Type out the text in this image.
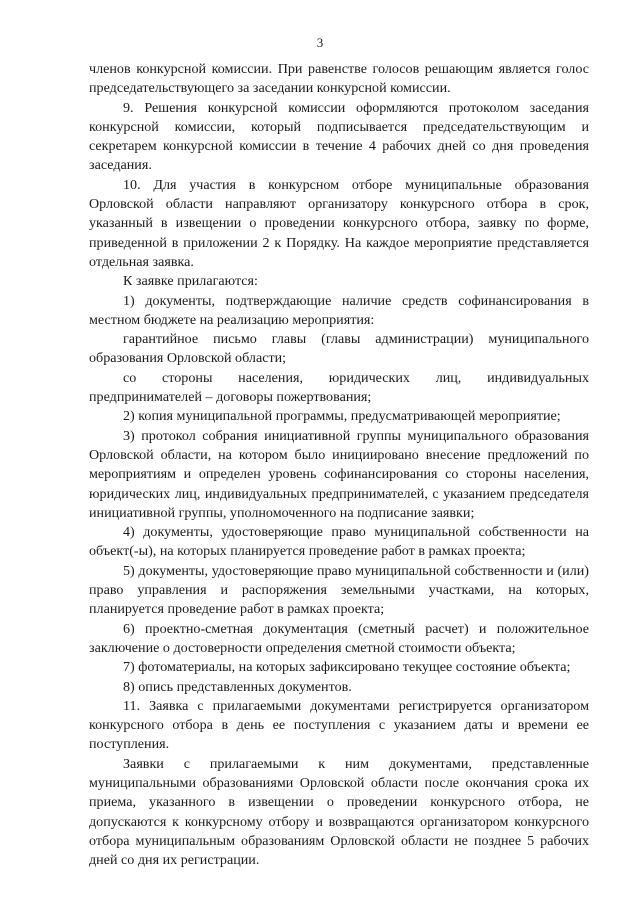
3

членов конкурсной комиссии. При равенстве голосов решающим является голос председательствующего за заседании конкурсной комиссии.

9. Решения конкурсной комиссии оформляются протоколом заседания конкурсной комиссии, который подписывается председательствующим и секретарем конкурсной комиссии в течение 4 рабочих дней со дня проведения заседания.

10. Для участия в конкурсном отборе муниципальные образования Орловской области направляют организатору конкурсного отбора в срок, указанный в извещении о проведении конкурсного отбора, заявку по форме, приведенной в приложении 2 к Порядку. На каждое мероприятие представляется отдельная заявка.

К заявке прилагаются:

1) документы, подтверждающие наличие средств софинансирования в местном бюджете на реализацию мероприятия:

гарантийное письмо главы (главы администрации) муниципального образования Орловской области;

со стороны населения, юридических лиц, индивидуальных предпринимателей – договоры пожертвования;

2) копия муниципальной программы, предусматривающей мероприятие;

3) протокол собрания инициативной группы муниципального образования Орловской области, на котором было инициировано внесение предложений по мероприятиям и определен уровень софинансирования со стороны населения, юридических лиц, индивидуальных предпринимателей, с указанием председателя инициативной группы, уполномоченного на подписание заявки;

4) документы, удостоверяющие право муниципальной собственности на объект(-ы), на которых планируется проведение работ в рамках проекта;

5) документы, удостоверяющие право муниципальной собственности и (или) право управления и распоряжения земельными участками, на которых, планируется проведение работ в рамках проекта;

6) проектно-сметная документация (сметный расчет) и положительное заключение о достоверности определения сметной стоимости объекта;

7) фотоматериалы, на которых зафиксировано текущее состояние объекта;

8) опись представленных документов.

11. Заявка с прилагаемыми документами регистрируется организатором конкурсного отбора в день ее поступления с указанием даты и времени ее поступления.

Заявки с прилагаемыми к ним документами, представленные муниципальными образованиями Орловской области после окончания срока их приема, указанного в извещении о проведении конкурсного отбора, не допускаются к конкурсному отбору и возвращаются организатором конкурсного отбора муниципальным образованиям Орловской области не позднее 5 рабочих дней со дня их регистрации.
